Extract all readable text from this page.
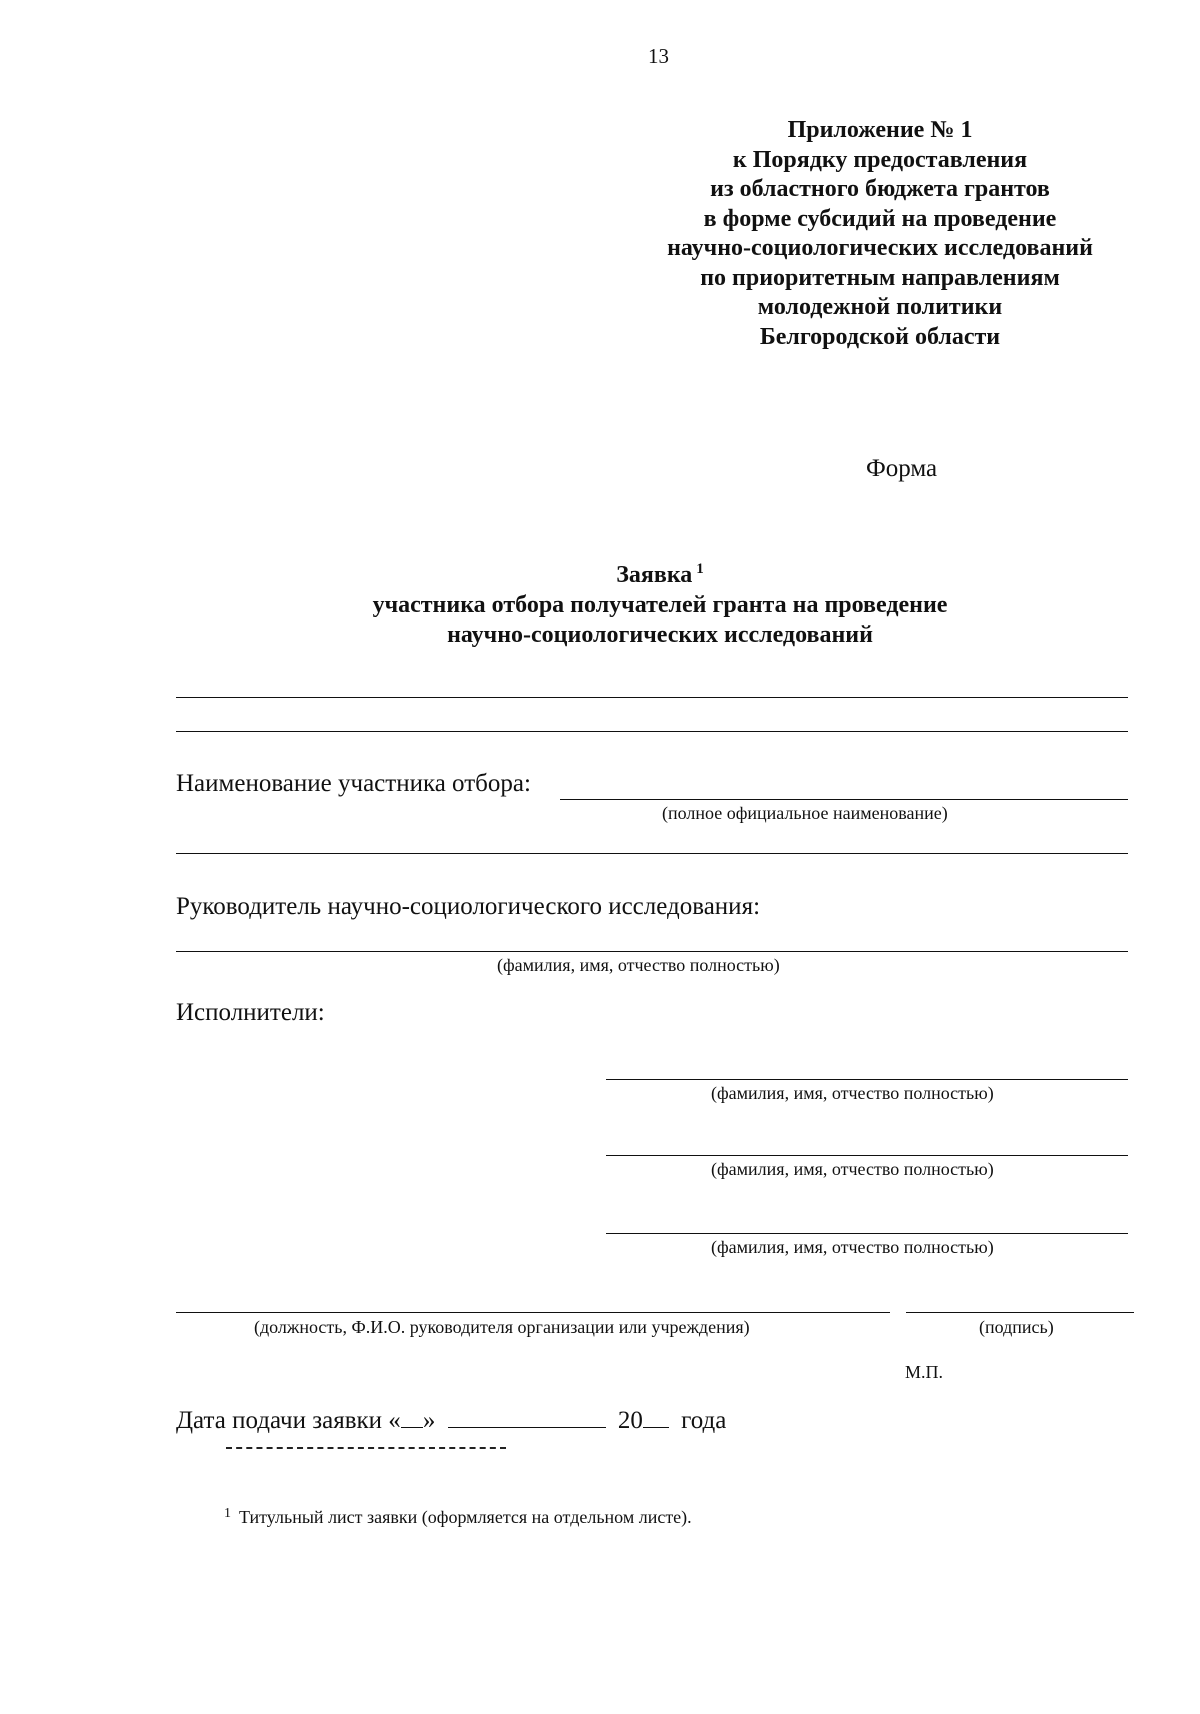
13
Приложение № 1
к Порядку предоставления
из областного бюджета грантов
в форме субсидий на проведение
научно-социологических исследований
по приоритетным направлениям
молодежной политики
Белгородской области
Форма
Заявка $^1$
участника отбора получателей гранта на проведение
научно-социологических исследований
Наименование участника отбора:
(полное официальное наименование)
Руководитель научно-социологического исследования:
(фамилия, имя, отчество полностью)
Исполнители:
(фамилия, имя, отчество полностью)
(фамилия, имя, отчество полностью)
(фамилия, имя, отчество полностью)
(должность, Ф.И.О. руководителя организации или учреждения)	(подпись)
М.П.
Дата подачи заявки « »	20 года
$^1$ Титульный лист заявки (оформляется на отдельном листе).
